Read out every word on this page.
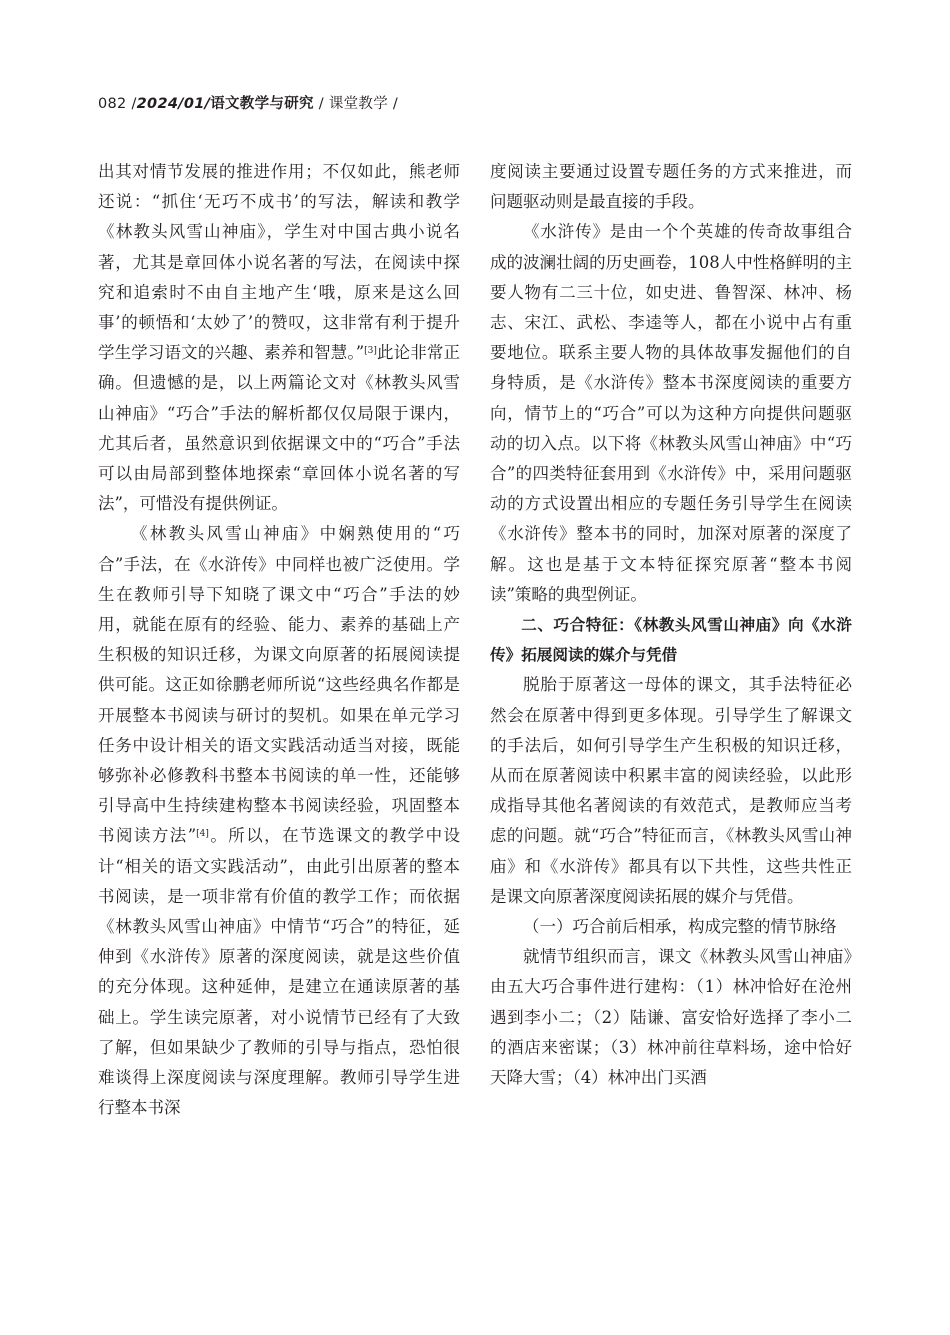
082 /2024/01/语文教学与研究 / 课堂教学 /

出其对情节发展的推进作用；不仅如此，熊老师还说：“抓住‘无巧不成书’的写法，解读和教学《林教头风雪山神庙》，学生对中国古典小说名著，尤其是章回体小说名著的写法，在阅读中探究和追索时不由自主地产生‘哦，原来是这么回事’的顿悟和‘太妙了’的赞叹，这非常有利于提升学生学习语文的兴趣、素养和智慧。”[3]此论非常正确。但遗憾的是，以上两篇论文对《林教头风雪山神庙》“巧合”手法的解析都仅仅局限于课内，尤其后者，虽然意识到依据课文中的“巧合”手法可以由局部到整体地探索“章回体小说名著的写法”，可惜没有提供例证。

《林教头风雪山神庙》中娴熟使用的“巧合”手法，在《水浒传》中同样也被广泛使用。学生在教师引导下知晓了课文中“巧合”手法的妙用，就能在原有的经验、能力、素养的基础上产生积极的知识迁移，为课文向原著的拓展阅读提供可能。这正如徐鹏老师所说“这些经典名作都是开展整本书阅读与研讨的契机。如果在单元学习任务中设计相关的语文实践活动适当对接，既能够弥补必修教科书整本书阅读的单一性，还能够引导高中生持续建构整本书阅读经验，巩固整本书阅读方法”[4]。所以，在节选课文的教学中设计“相关的语文实践活动”，由此引出原著的整本书阅读，是一项非常有价值的教学工作；而依据《林教头风雪山神庙》中情节“巧合”的特征，延伸到《水浒传》原著的深度阅读，就是这些价值的充分体现。这种延伸，是建立在通读原著的基础上。学生读完原著，对小说情节已经有了大致了解，但如果缺少了教师的引导与指点，恐怕很难谈得上深度阅读与深度理解。教师引导学生进行整本书深

度阅读主要通过设置专题任务的方式来推进，而问题驱动则是最直接的手段。

《水浒传》是由一个个英雄的传奇故事组合成的波澜壮阔的历史画卷，108人中性格鲜明的主要人物有二三十位，如史进、鲁智深、林冲、杨志、宋江、武松、李逵等人，都在小说中占有重要地位。联系主要人物的具体故事发掘他们的自身特质，是《水浒传》整本书深度阅读的重要方向，情节上的“巧合”可以为这种方向提供问题驱动的切入点。以下将《林教头风雪山神庙》中“巧合”的四类特征套用到《水浒传》中，采用问题驱动的方式设置出相应的专题任务引导学生在阅读《水浒传》整本书的同时，加深对原著的深度了解。这也是基于文本特征探究原著“整本书阅读”策略的典型例证。

二、巧合特征：《林教头风雪山神庙》向《水浒传》拓展阅读的媒介与凭借

脱胎于原著这一母体的课文，其手法特征必然会在原著中得到更多体现。引导学生了解课文的手法后，如何引导学生产生积极的知识迁移，从而在原著阅读中积累丰富的阅读经验，以此形成指导其他名著阅读的有效范式，是教师应当考虑的问题。就“巧合”特征而言，《林教头风雪山神庙》和《水浒传》都具有以下共性，这些共性正是课文向原著深度阅读拓展的媒介与凭借。

（一）巧合前后相承，构成完整的情节脉络

就情节组织而言，课文《林教头风雪山神庙》由五大巧合事件进行建构：（1）林冲恰好在沧州遇到李小二；（2）陆谦、富安恰好选择了李小二的酒店来密谋；（3）林冲前往草料场，途中恰好天降大雪；（4）林冲出门买酒
